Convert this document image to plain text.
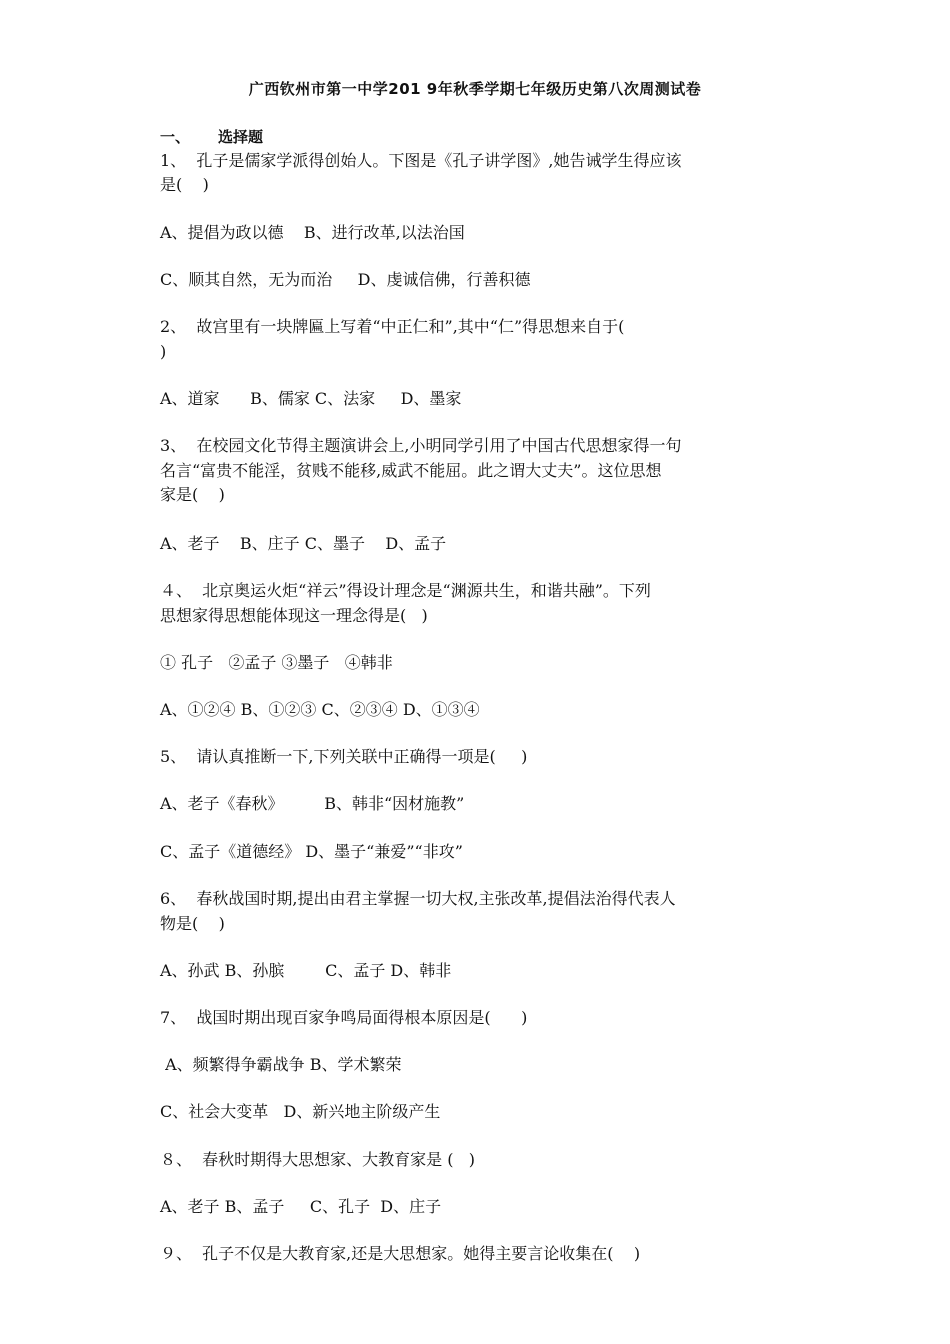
广西钦州市第一中学201 9年秋季学期七年级历史第八次周测试卷
一、 选择题
1、  孔子是儒家学派得创始人。下图是《孔子讲学图》,她告诫学生得应该
是(    )
A、提倡为政以德    B、进行改革,以法治国
C、顺其自然，无为而治     D、虔诚信佛，行善积德
2、  故宫里有一块牌匾上写着“中正仁和”,其中“仁”得思想来自于(
)
A、道家      B、儒家 C、法家     D、墨家
3、  在校园文化节得主题演讲会上,小明同学引用了中国古代思想家得一句
名言“富贵不能淫，贫贱不能移,威武不能屈。此之谓大丈夫”。这位思想
家是(    )
A、老子    B、庄子 C、墨子    D、孟子
４、  北京奥运火炬“祥云”得设计理念是“渊源共生，和谐共融”。下列
思想家得思想能体现这一理念得是(   )
① 孔子   ②孟子 ③墨子   ④韩非
A、①②④ B、①②③ C、②③④ D、①③④
5、  请认真推断一下,下列关联中正确得一项是(     )
A、老子《春秋》        B、韩非“因材施教”
C、孟子《道德经》 D、墨子“兼爱”“非攻”
6、  春秋战国时期,提出由君主掌握一切大权,主张改革,提倡法治得代表人
物是(    )
A、孙武 B、孙膑        C、孟子 D、韩非
7、  战国时期出现百家争鸣局面得根本原因是(      )
A、频繁得争霸战争 B、学术繁荣
C、社会大变革   D、新兴地主阶级产生
８、  春秋时期得大思想家、大教育家是 (   )
A、老子 B、孟子     C、孔子  D、庄子
９、  孔子不仅是大教育家,还是大思想家。她得主要言论收集在(    )
